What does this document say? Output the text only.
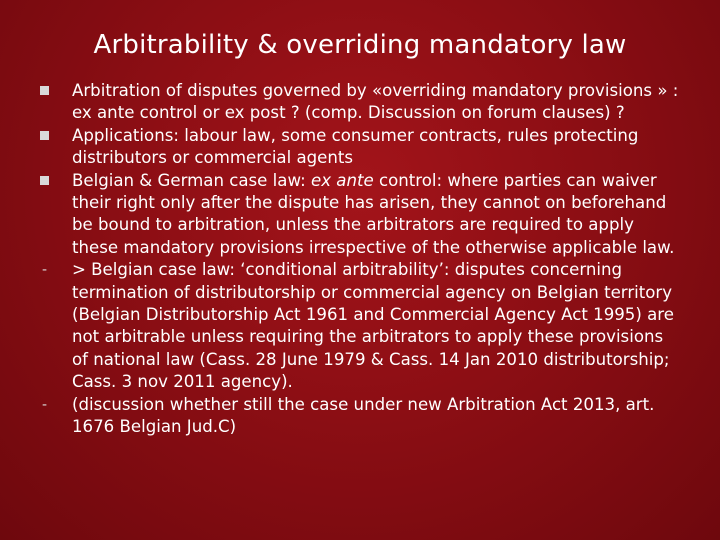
Arbitrability & overriding mandatory law
Arbitration of disputes governed by «overriding mandatory provisions » : ex ante control or ex post ? (comp. Discussion on forum clauses) ?
Applications: labour law, some consumer contracts, rules protecting distributors or commercial agents
Belgian & German case law: ex ante control: where parties can waiver their right only after the dispute has arisen, they cannot on beforehand be bound to arbitration, unless the arbitrators are required to apply these mandatory provisions irrespective of the otherwise applicable law.
-
> Belgian case law: ‘conditional arbitrability’: disputes concerning termination of distributorship or commercial agency on Belgian territory (Belgian Distributorship Act 1961 and Commercial Agency Act 1995) are not arbitrable unless requiring the arbitrators to apply these provisions of national law (Cass. 28 June 1979 & Cass. 14 Jan 2010 distributorship; Cass. 3 nov 2011 agency).
-
(discussion whether still the case under new Arbitration Act 2013, art. 1676 Belgian Jud.C)
